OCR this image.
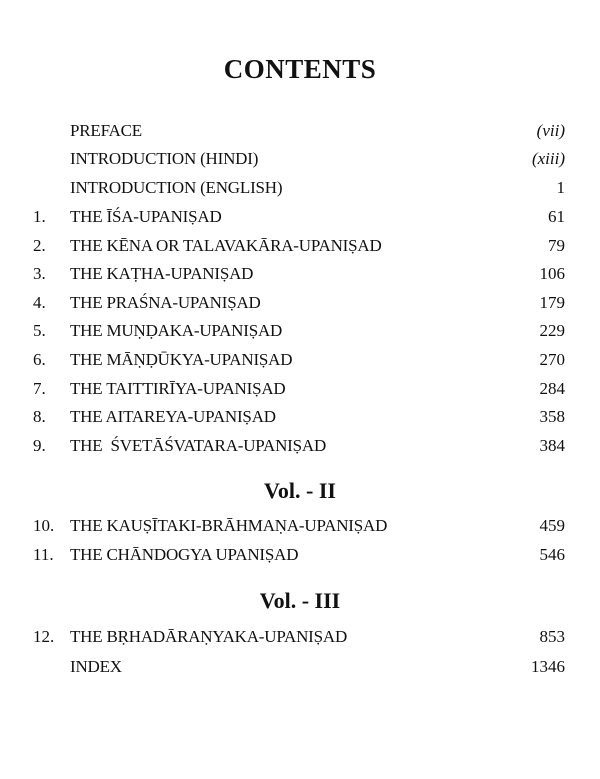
CONTENTS
PREFACE	(vii)
INTRODUCTION (HINDI)	(xiii)
INTRODUCTION (ENGLISH)	1
1.	THE ĪŚA-UPANIṢAD	61
2.	THE KĒNA OR TALAVAKĀRA-UPANIṢAD	79
3.	THE KAṬHA-UPANIṢAD	106
4.	THE PRAŚNA-UPANIṢAD	179
5.	THE MUṆḌAKA-UPANIṢAD	229
6.	THE MĀṆḌŪKYA-UPANIṢAD	270
7.	THE TAITTIRĪYA-UPANIṢAD	284
8.	THE AITAREYA-UPANIṢAD	358
9.	THE  ŚVETĀŚVATARA-UPANIṢAD	384
Vol. - II
10. THE KAUṢĪTAKI-BRĀHMAṆA-UPANIṢAD	459
11. THE CHĀNDOGYA UPANIṢAD	546
Vol. - III
12. THE BṚHADĀRAṆYAKA-UPANIṢAD	853
INDEX	1346
